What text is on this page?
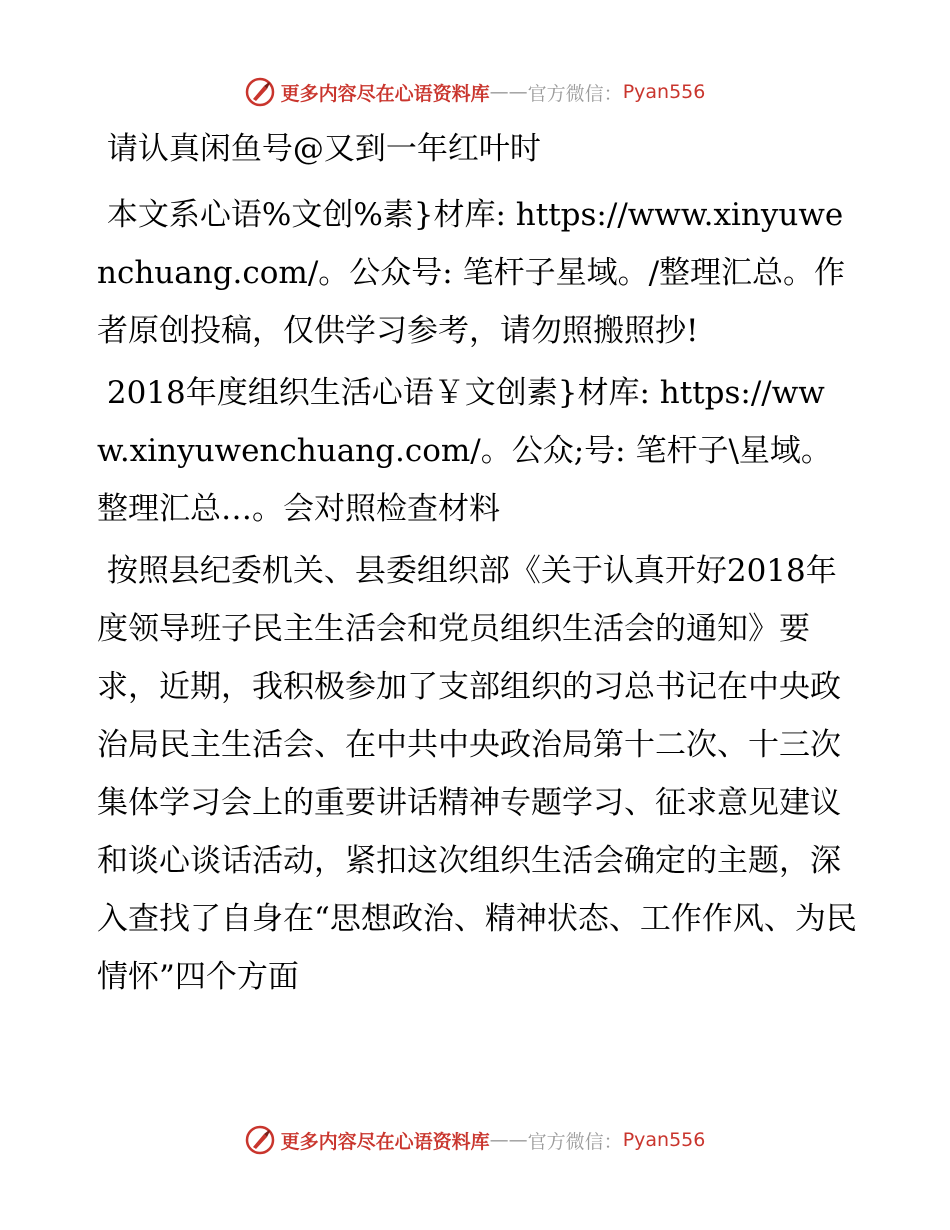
更多内容尽在心语资料库 —— 官方微信： Pyan556

请认真闲鱼号@又到一年红叶时

本文系心语%文创%素}材库: https://www.xinyuwenchuang.com/。公众号: 笔杆子星域。/整理汇总。作者原创投稿，仅供学习参考，请勿照搬照抄!

2018年度组织生活心语￥文创素}材库: https://www.xinyuwenchuang.com/。公众;号: 笔杆子\星域。整理汇总…。会对照检查材料

按照县纪委机关、县委组织部《关于认真开好2018年度领导班子民主生活会和党员组织生活会的通知》要求，近期，我积极参加了支部组织的习总书记在中央政治局民主生活会、在中共中央政治局第十二次、十三次集体学习会上的重要讲话精神专题学习、征求意见建议和谈心谈话活动，紧扣这次组织生活会确定的主题，深入查找了自身在“思想政治、精神状态、工作作风、为民情怀”四个方面

更多内容尽在心语资料库 —— 官方微信： Pyan556
